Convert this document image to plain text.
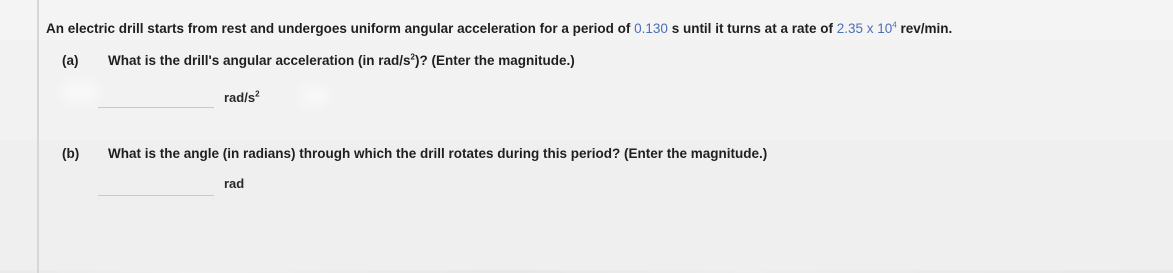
An electric drill starts from rest and undergoes uniform angular acceleration for a period of 0.130 s until it turns at a rate of 2.35 x $10^4$ rev/min.
(a) What is the drill's angular acceleration (in rad/$s^2$)? (Enter the magnitude.)
rad/$s^2$
(b) What is the angle (in radians) through which the drill rotates during this period? (Enter the magnitude.)
rad
